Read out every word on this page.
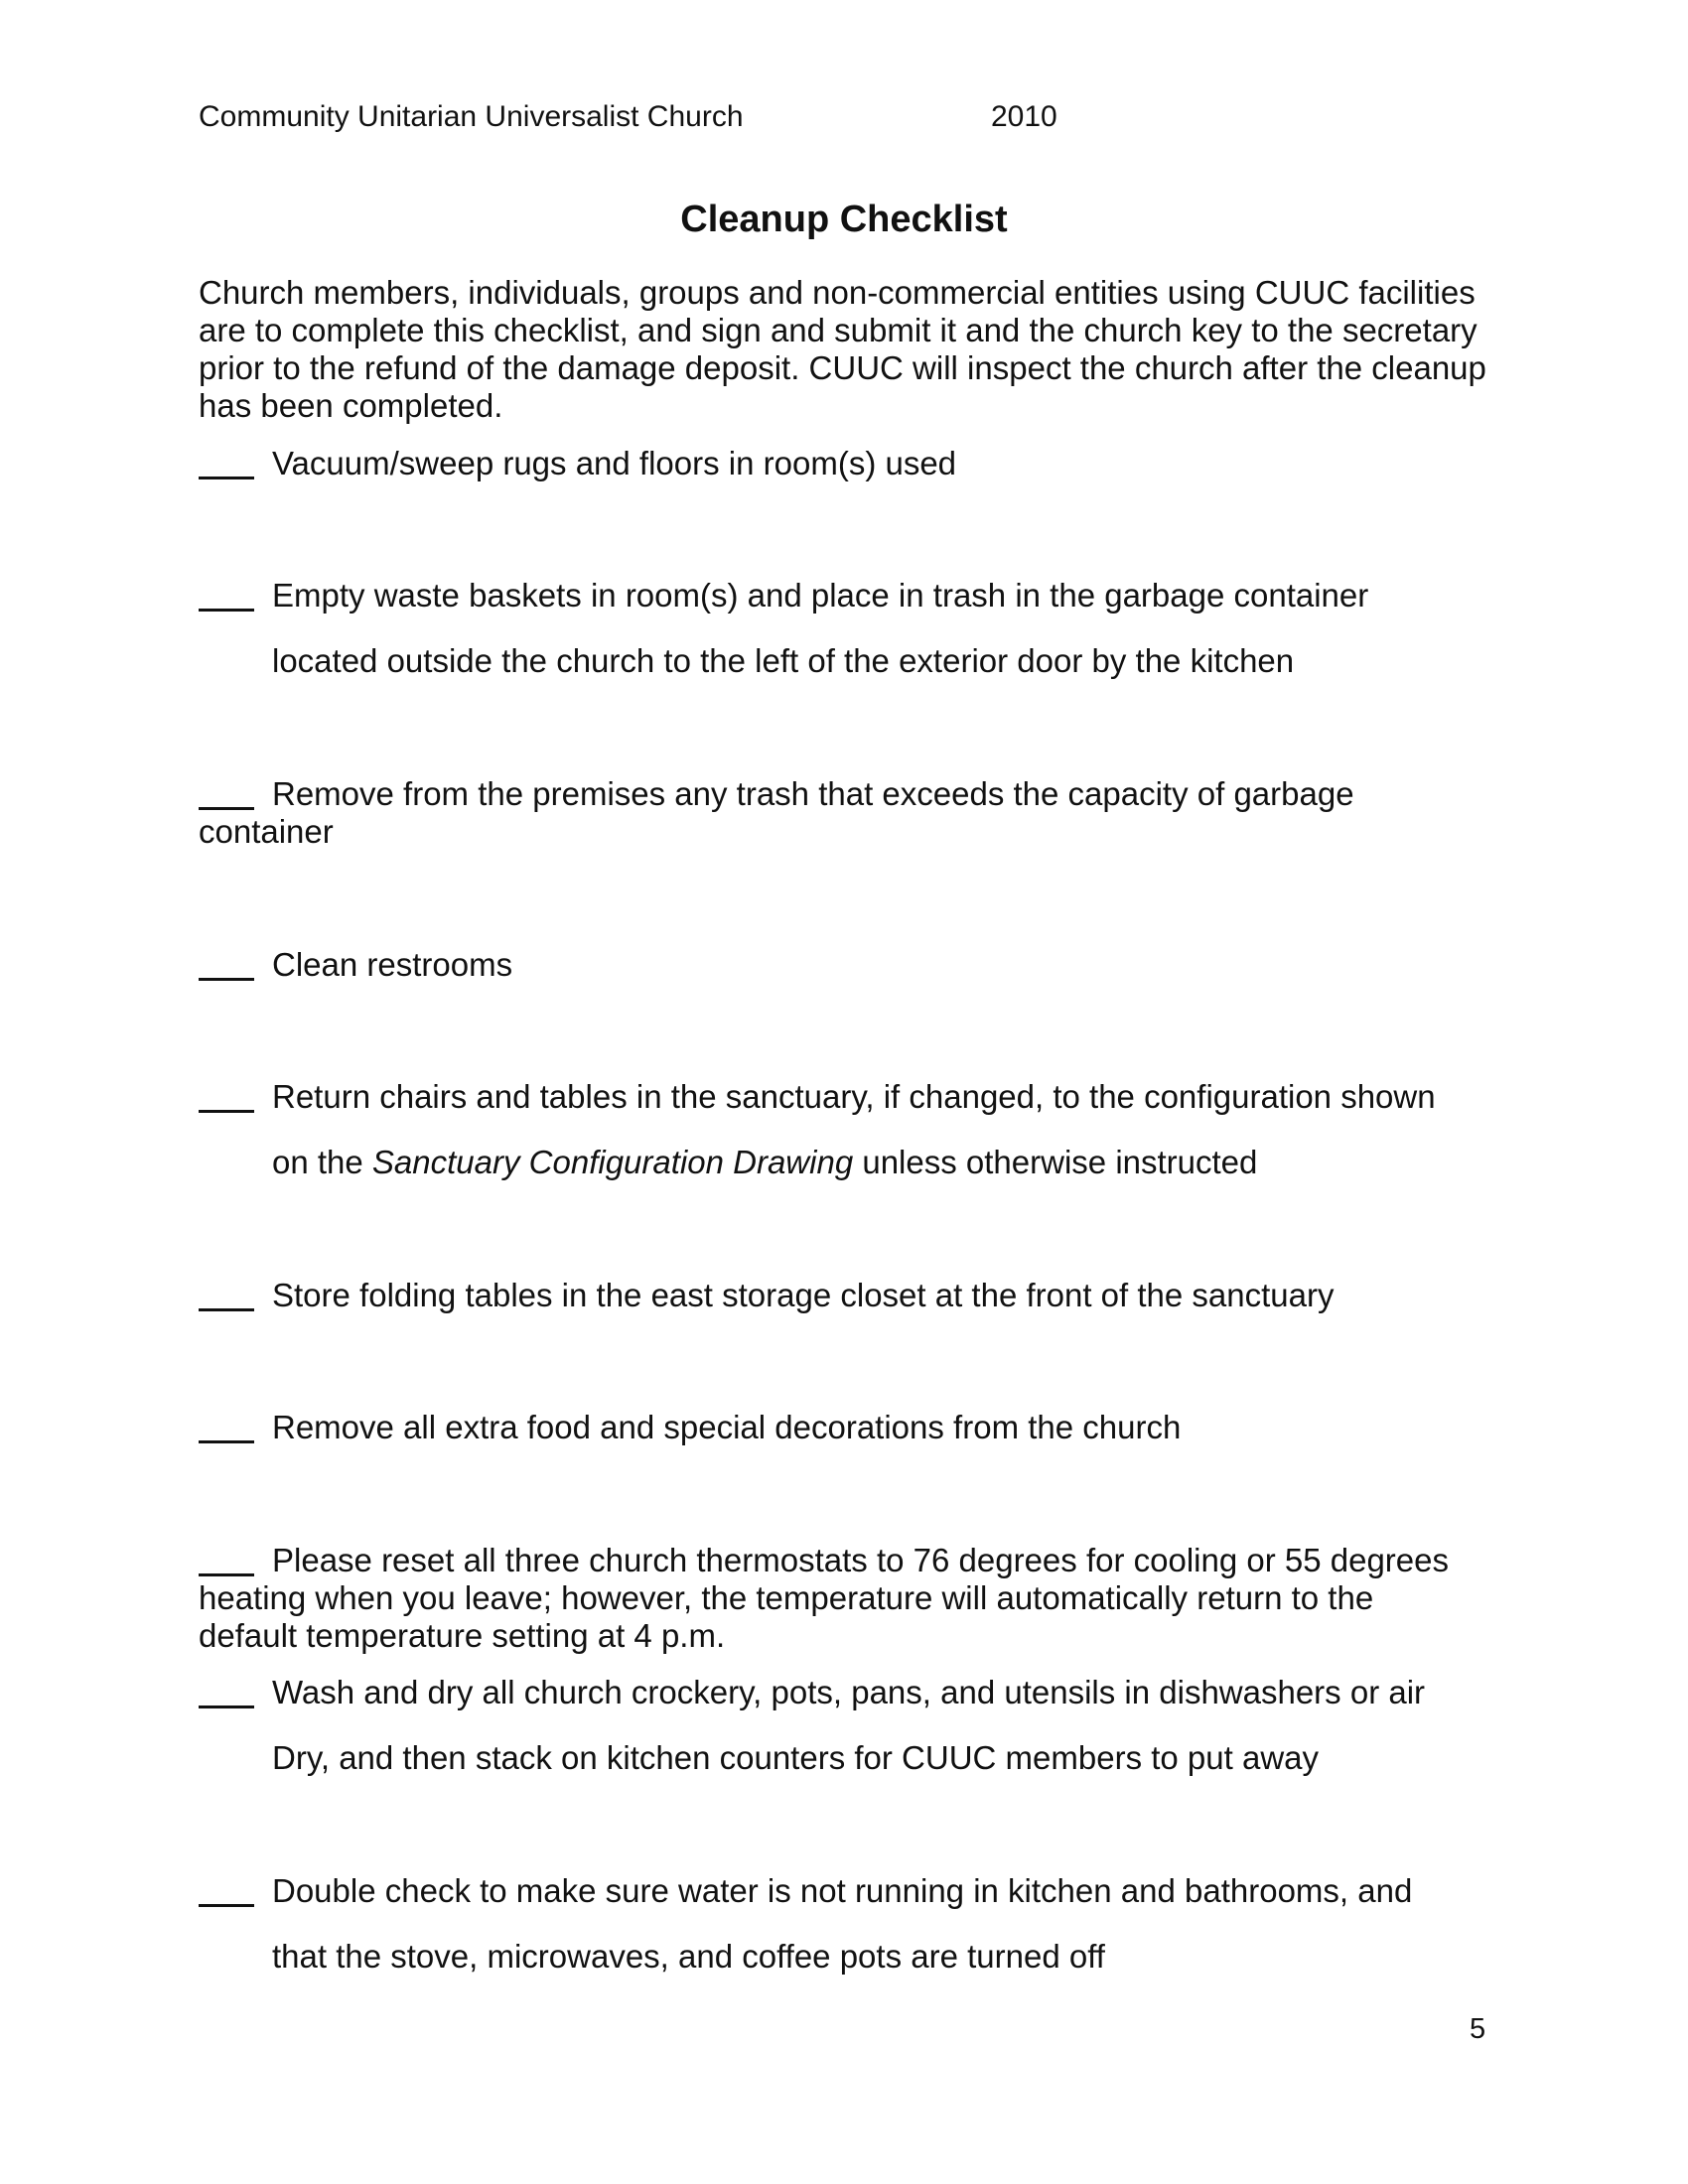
Community Unitarian Universalist Church	2010
Cleanup Checklist

Church members, individuals, groups and non-commercial entities using CUUC facilities are to complete this checklist, and sign and submit it and the church key to the secretary prior to the refund of the damage deposit. CUUC will inspect the church after the cleanup has been completed.

Vacuum/sweep rugs and floors in room(s) used
Empty waste baskets in room(s) and place in trash in the garbage container
located outside the church to the left of the exterior door by the kitchen
Remove from the premises any trash that exceeds the capacity of garbage
container
Clean restrooms
Return chairs and tables in the sanctuary, if changed, to the configuration shown
on the Sanctuary Configuration Drawing unless otherwise instructed
Store folding tables in the east storage closet at the front of the sanctuary
Remove all extra food and special decorations from the church
Please reset all three church thermostats to 76 degrees for cooling or 55 degrees
heating when you leave; however, the temperature will automatically return to the
default temperature setting at 4 p.m.
Wash and dry all church crockery, pots, pans, and utensils in dishwashers or air
Dry, and then stack on kitchen counters for CUUC members to put away
Double check to make sure water is not running in kitchen and bathrooms, and
that the stove, microwaves, and coffee pots are turned off
5
